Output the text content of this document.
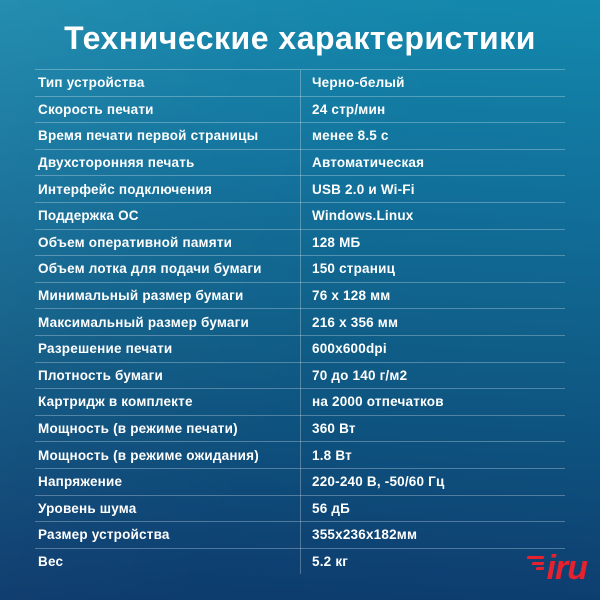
Технические характеристики
Тип устройства	Черно-белый
Скорость печати	24 стр/мин
Время печати первой страницы	менее 8.5 с
Двухсторонняя печать	Автоматическая
Интерфейс подключения	USB 2.0 и Wi-Fi
Поддержка ОС	Windows.Linux
Объем оперативной памяти	128 МБ
Объем лотка для подачи бумаги	150 страниц
Минимальный размер бумаги	76 x 128 мм
Максимальный размер бумаги	216 x 356 мм
Разрешение печати	600x600dpi
Плотность бумаги	70 до 140 г/м2
Картридж в комплекте	на 2000 отпечатков
Мощность (в режиме печати)	360 Вт
Мощность (в режиме ожидания)	1.8 Вт
Напряжение	220-240 В, -50/60 Гц
Уровень шума	56 дБ
Размер устройства	355x236x182мм
Вес	5.2 кг	iru
